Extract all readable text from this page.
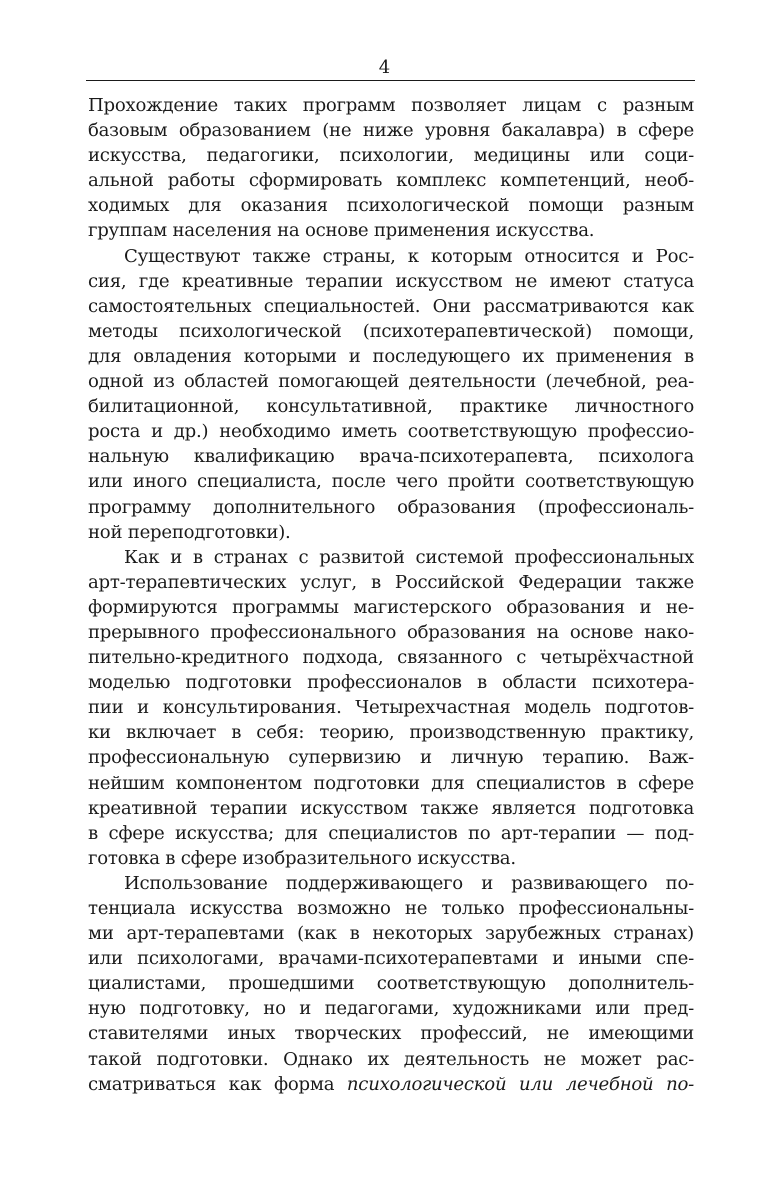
4
Прохождение таких программ позволяет лицам с разным
базовым образованием (не ниже уровня бакалавра) в сфере
искусства, педагогики, психологии, медицины или соци-
альной работы сформировать комплекс компетенций, необ-
ходимых для оказания психологической помощи разным
группам населения на основе применения искусства.
Существуют также страны, к которым относится и Рос-
сия, где креативные терапии искусством не имеют статуса
самостоятельных специальностей. Они рассматриваются как
методы психологической (психотерапевтической) помощи,
для овладения которыми и последующего их применения в
одной из областей помогающей деятельности (лечебной, реа-
билитационной, консультативной, практике личностного
роста и др.) необходимо иметь соответствующую профессио-
нальную квалификацию врача-психотерапевта, психолога
или иного специалиста, после чего пройти соответствующую
программу дополнительного образования (профессиональ-
ной переподготовки).
Как и в странах с развитой системой профессиональных
арт-терапевтических услуг, в Российской Федерации также
формируются программы магистерского образования и не-
прерывного профессионального образования на основе нако-
пительно-кредитного подхода, связанного с четырёхчастной
моделью подготовки профессионалов в области психотера-
пии и консультирования. Четырехчастная модель подготов-
ки включает в себя: теорию, производственную практику,
профессиональную супервизию и личную терапию. Важ-
нейшим компонентом подготовки для специалистов в сфере
креативной терапии искусством также является подготовка
в сфере искусства; для специалистов по арт-терапии — под-
готовка в сфере изобразительного искусства.
Использование поддерживающего и развивающего по-
тенциала искусства возможно не только профессиональны-
ми арт-терапевтами (как в некоторых зарубежных странах)
или психологами, врачами-психотерапевтами и иными спе-
циалистами, прошедшими соответствующую дополнитель-
ную подготовку, но и педагогами, художниками или пред-
ставителями иных творческих профессий, не имеющими
такой подготовки. Однако их деятельность не может рас-
сматриваться как форма психологической или лечебной по-
